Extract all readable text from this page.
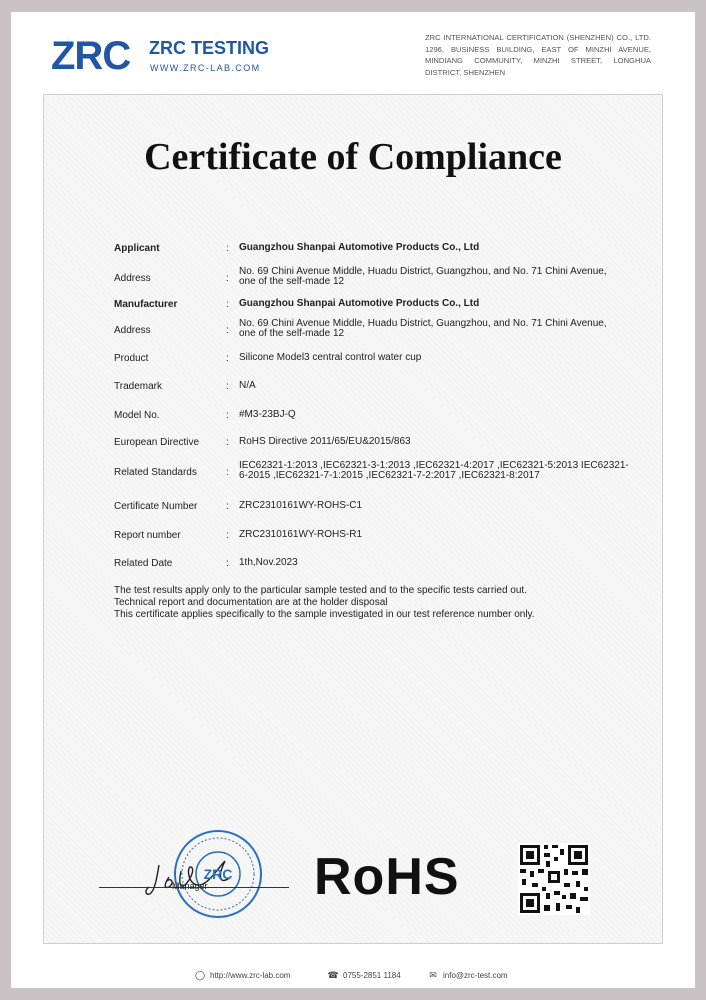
ZRC ZRC TESTING
WWW.ZRC-LAB.COM
ZRC INTERNATIONAL CERTIFICATION (SHENZHEN) CO., LTD. 1296, BUSINESS BUILDING, EAST OF MINZHI AVENUE, MINDIANG COMMUNITY, MINZHI STREET, LONGHUA DISTRICT, SHENZHEN
Certificate of Compliance
Applicant	: Guangzhou Shanpai Automotive Products Co., Ltd
Address	:
No. 69 Chini Avenue Middle, Huadu District, Guangzhou, and No. 71 Chini Avenue, one of the self-made 12
Manufacturer	: Guangzhou Shanpai Automotive Products Co., Ltd
Address	:
No. 69 Chini Avenue Middle, Huadu District, Guangzhou, and No. 71 Chini Avenue, one of the self-made 12
Product	: Silicone Model3 central control water cup
Trademark	: N/A
Model No.	: #M3-23BJ-Q
European Directive	: RoHS Directive 2011/65/EU&2015/863
Related Standards	:
IEC62321-1:2013 ,IEC62321-3-1:2013 ,IEC62321-4:2017 ,IEC62321-5:2013 IEC62321-6-2015 ,IEC62321-7-1:2015 ,IEC62321-7-2:2017 ,IEC62321-8:2017
Certificate Number	: ZRC2310161WY-ROHS-C1
Report number	: ZRC2310161WY-ROHS-R1
Related Date	: 1th,Nov.2023
The test results apply only to the particular sample tested and to the specific tests carried out.
Technical report and documentation are at the holder disposal
This certificate applies specifically to the sample investigated in our test reference number only.
ZRC
Manager RoHS
◯ http://www.zrc-lab.com	☎ 0755-2851 1184	✉ info@zrc-test.com
